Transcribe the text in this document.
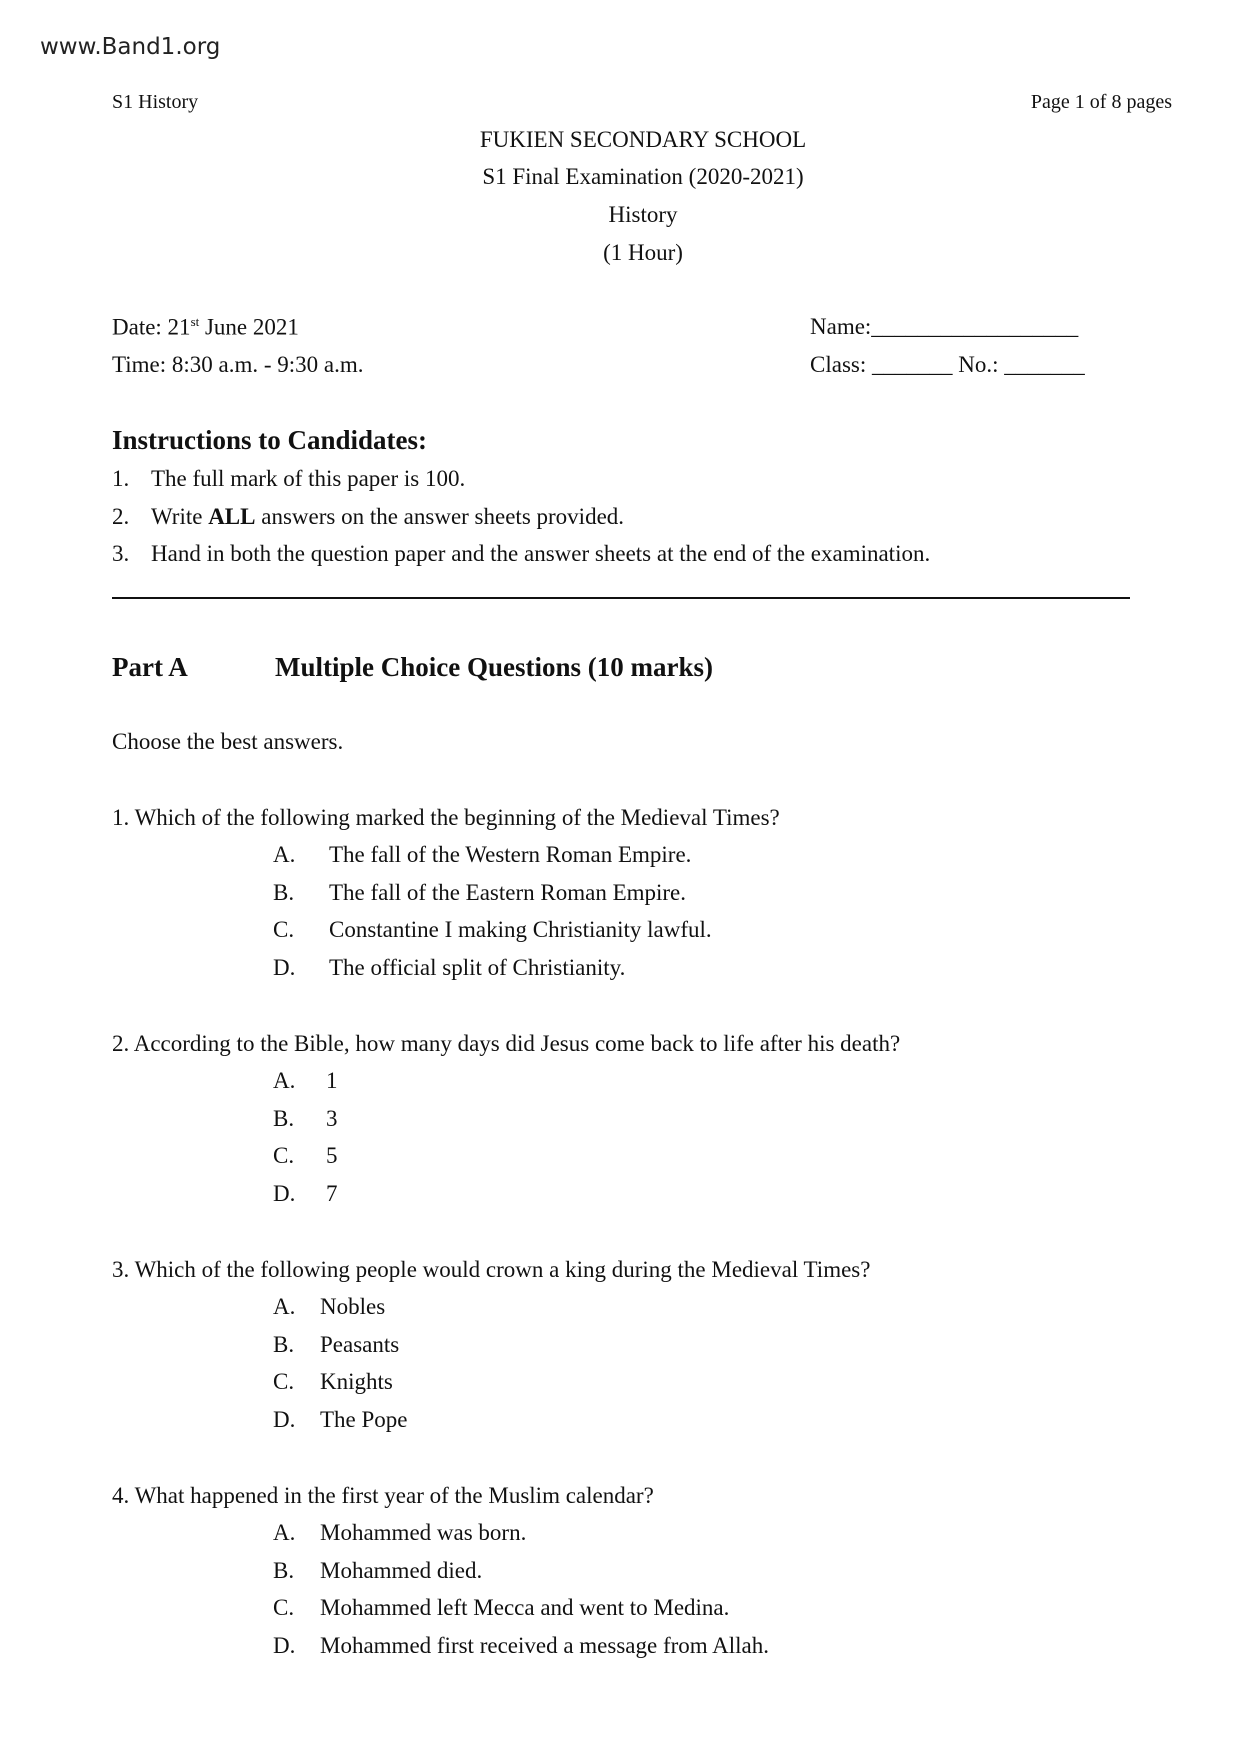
www.Band1.org
S1 History	Page 1 of 8 pages
FUKIEN SECONDARY SCHOOL
S1 Final Examination (2020-2021)
History
(1 Hour)
Date: 21st June 2021
Time: 8:30 a.m. - 9:30 a.m.
Name:__________________
Class: _______ No.: _______
Instructions to Candidates:
1. The full mark of this paper is 100.
2. Write ALL answers on the answer sheets provided.
3. Hand in both the question paper and the answer sheets at the end of the examination.
Part A	Multiple Choice Questions (10 marks)
Choose the best answers.
1. Which of the following marked the beginning of the Medieval Times?
A. The fall of the Western Roman Empire.
B. The fall of the Eastern Roman Empire.
C. Constantine I making Christianity lawful.
D. The official split of Christianity.
2. According to the Bible, how many days did Jesus come back to life after his death?
A. 1
B. 3
C. 5
D. 7
3. Which of the following people would crown a king during the Medieval Times?
A. Nobles
B. Peasants
C. Knights
D. The Pope
4. What happened in the first year of the Muslim calendar?
A. Mohammed was born.
B. Mohammed died.
C. Mohammed left Mecca and went to Medina.
D. Mohammed first received a message from Allah.
